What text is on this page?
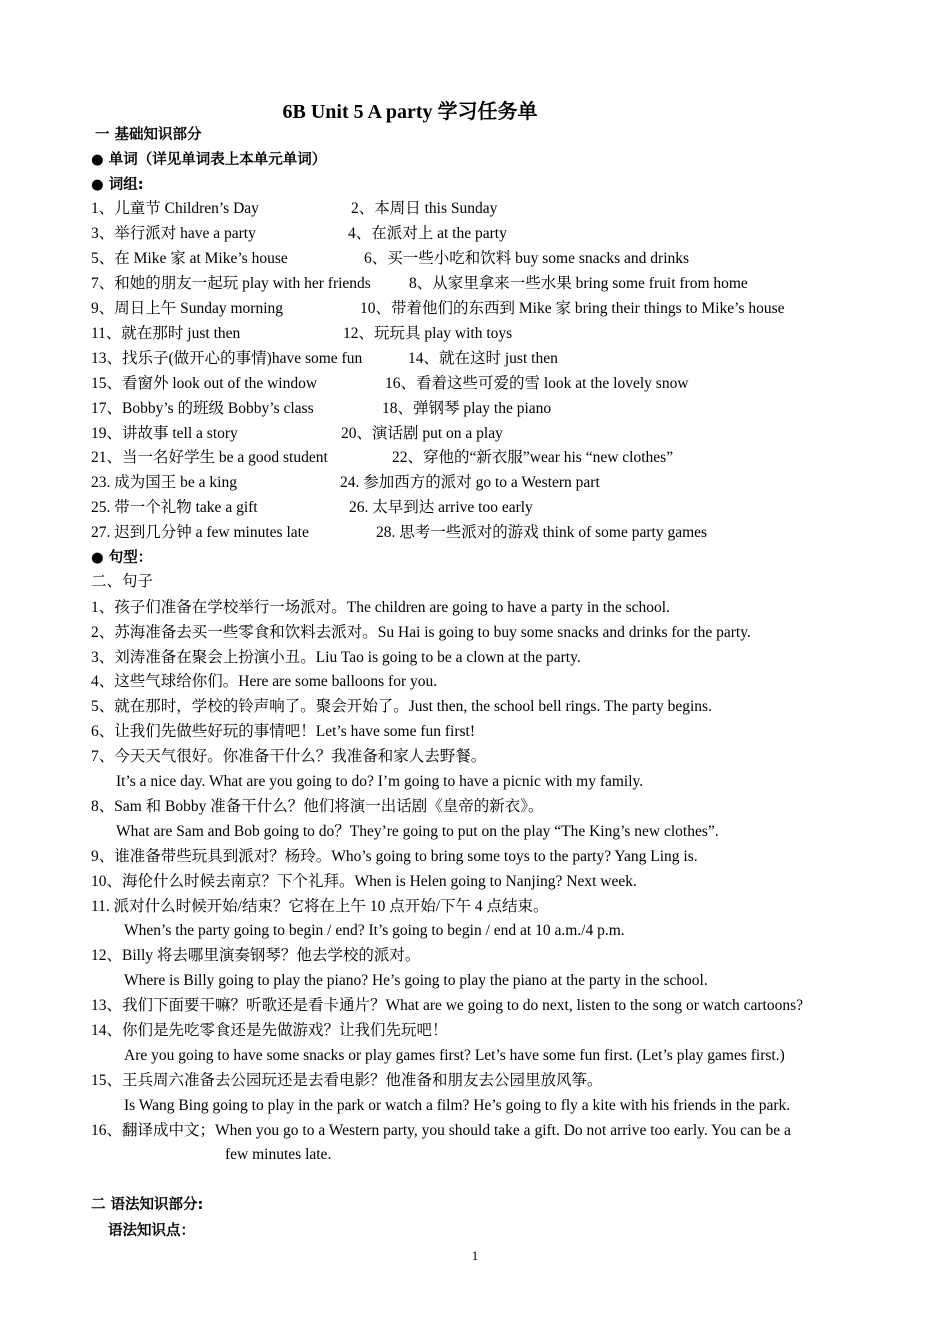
6B Unit 5 A party 学习任务单
一 基础知识部分
● 单词（详见单词表上本单元单词）
● 词组:
1、儿童节 Children’s Day	2、本周日 this Sunday
3、举行派对 have a party	4、在派对上 at the party
5、在 Mike 家 at Mike’s house	6、买一些小吃和饮料 buy some snacks and drinks
7、和她的朋友一起玩 play with her friends 8、从家里拿来一些水果 bring some fruit from home
9、周日上午 Sunday morning	10、带着他们的东西到 Mike 家 bring their things to Mike’s house
11、就在那时 just then	12、玩玩具 play with toys
13、找乐子(做开心的事情)have some fun	14、就在这时 just then
15、看窗外 look out of the window	16、看着这些可爱的雪 look at the lovely snow
17、Bobby’s 的班级 Bobby’s class	18、弹钢琴 play the piano
19、讲故事 tell a story	20、演话剧 put on a play
21、当一名好学生 be a good student	22、穿他的“新衣服”wear his “new clothes”
23. 成为国王 be a king	24. 参加西方的派对 go to a Western part
25. 带一个礼物 take a gift	26. 太早到达 arrive too early
27. 迟到几分钟 a few minutes late	28. 思考一些派对的游戏 think of some party games
● 句型：
二、句子
1、孩子们准备在学校举行一场派对。The children are going to have a party in the school.
2、苏海准备去买一些零食和饮料去派对。Su Hai is going to buy some snacks and drinks for the party.
3、刘涛准备在聚会上扮演小丑。Liu Tao is going to be a clown at the party.
4、这些气球给你们。Here are some balloons for you.
5、就在那时，学校的铃声响了。聚会开始了。Just then, the school bell rings. The party begins.
6、让我们先做些好玩的事情吧！Let’s have some fun first!
7、今天天气很好。你准备干什么？我准备和家人去野餐。
It’s a nice day. What are you going to do? I’m going to have a picnic with my family.
8、Sam 和 Bobby 准备干什么？他们将演一出话剧《皇帝的新衣》。
What are Sam and Bob going to do？They’re going to put on the play “The King’s new clothes”.
9、谁准备带些玩具到派对？杨玲。Who’s going to bring some toys to the party? Yang Ling is.
10、海伦什么时候去南京？下个礼拜。When is Helen going to Nanjing? Next week.
11. 派对什么时候开始/结束？它将在上午 10 点开始/下午 4 点结束。
When’s the party going to begin / end? It’s going to begin / end at 10 a.m./4 p.m.
12、Billy 将去哪里演奏钢琴？他去学校的派对。
Where is Billy going to play the piano? He’s going to play the piano at the party in the school.
13、我们下面要干嘛？听歌还是看卡通片？What are we going to do next, listen to the song or watch cartoons?
14、你们是先吃零食还是先做游戏？让我们先玩吧！
Are you going to have some snacks or play games first? Let’s have some fun first. (Let’s play games first.)
15、王兵周六准备去公园玩还是去看电影？他准备和朋友去公园里放风筝。
Is Wang Bing going to play in the park or watch a film? He’s going to fly a kite with his friends in the park.
16、翻译成中文；When you go to a Western party, you should take a gift. Do not arrive too early. You can be a
few minutes late.
二 语法知识部分:
语法知识点：
1
